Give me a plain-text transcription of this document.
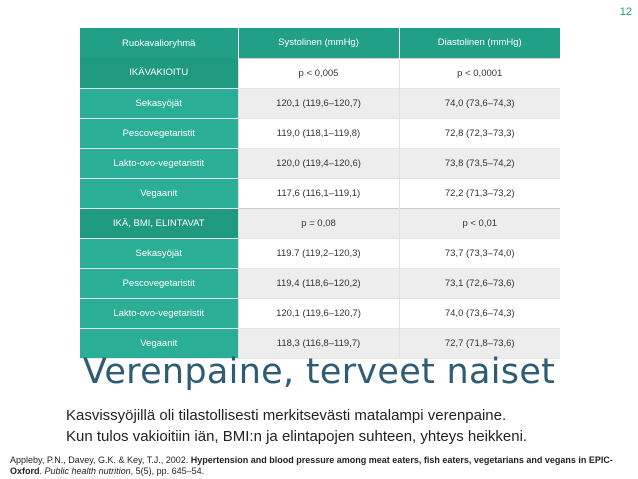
12
Ruokavalioryhmä	Systolinen (mmHg)	Diastolinen (mmHg)
IKÄVAKIOITU	p < 0,005	p < 0,0001
Sekasyöjät	120,1 (119,6–120,7)	74,0 (73,6–74,3)
Pescovegetaristit	119,0 (118,1–119,8)	72,8 (72,3–73,3)
Lakto-ovo-vegetaristit	120,0 (119,4–120,6)	73,8 (73,5–74,2)
Vegaanit	117,6 (116,1–119,1)	72,2 (71,3–73,2)
IKÄ, BMI, ELINTAVAT	p = 0,08	p < 0,01
Sekasyöjät	119.7 (119,2–120,3)	73,7 (73,3–74,0)
Pescovegetaristit	119,4 (118,6–120,2)	73,1 (72,6–73,6)
Lakto-ovo-vegetaristit	120,1 (119,6–120,7)	74,0 (73,6–74,3)
Vegaanit	118,3 (116,8–119,7)	72,7 (71,8–73,6)
Verenpaine, terveet naiset
Kasvissyöjillä oli tilastollisesti merkitsevästi matalampi verenpaine.
Kun tulos vakioitiin iän, BMI:n ja elintapojen suhteen, yhteys heikkeni.
Appleby, P.N., Davey, G.K. & Key, T.J., 2002. Hypertension and blood pressure among meat eaters, fish eaters, vegetarians and vegans in EPIC-Oxford. Public health nutrition, 5(5), pp. 645–54.
